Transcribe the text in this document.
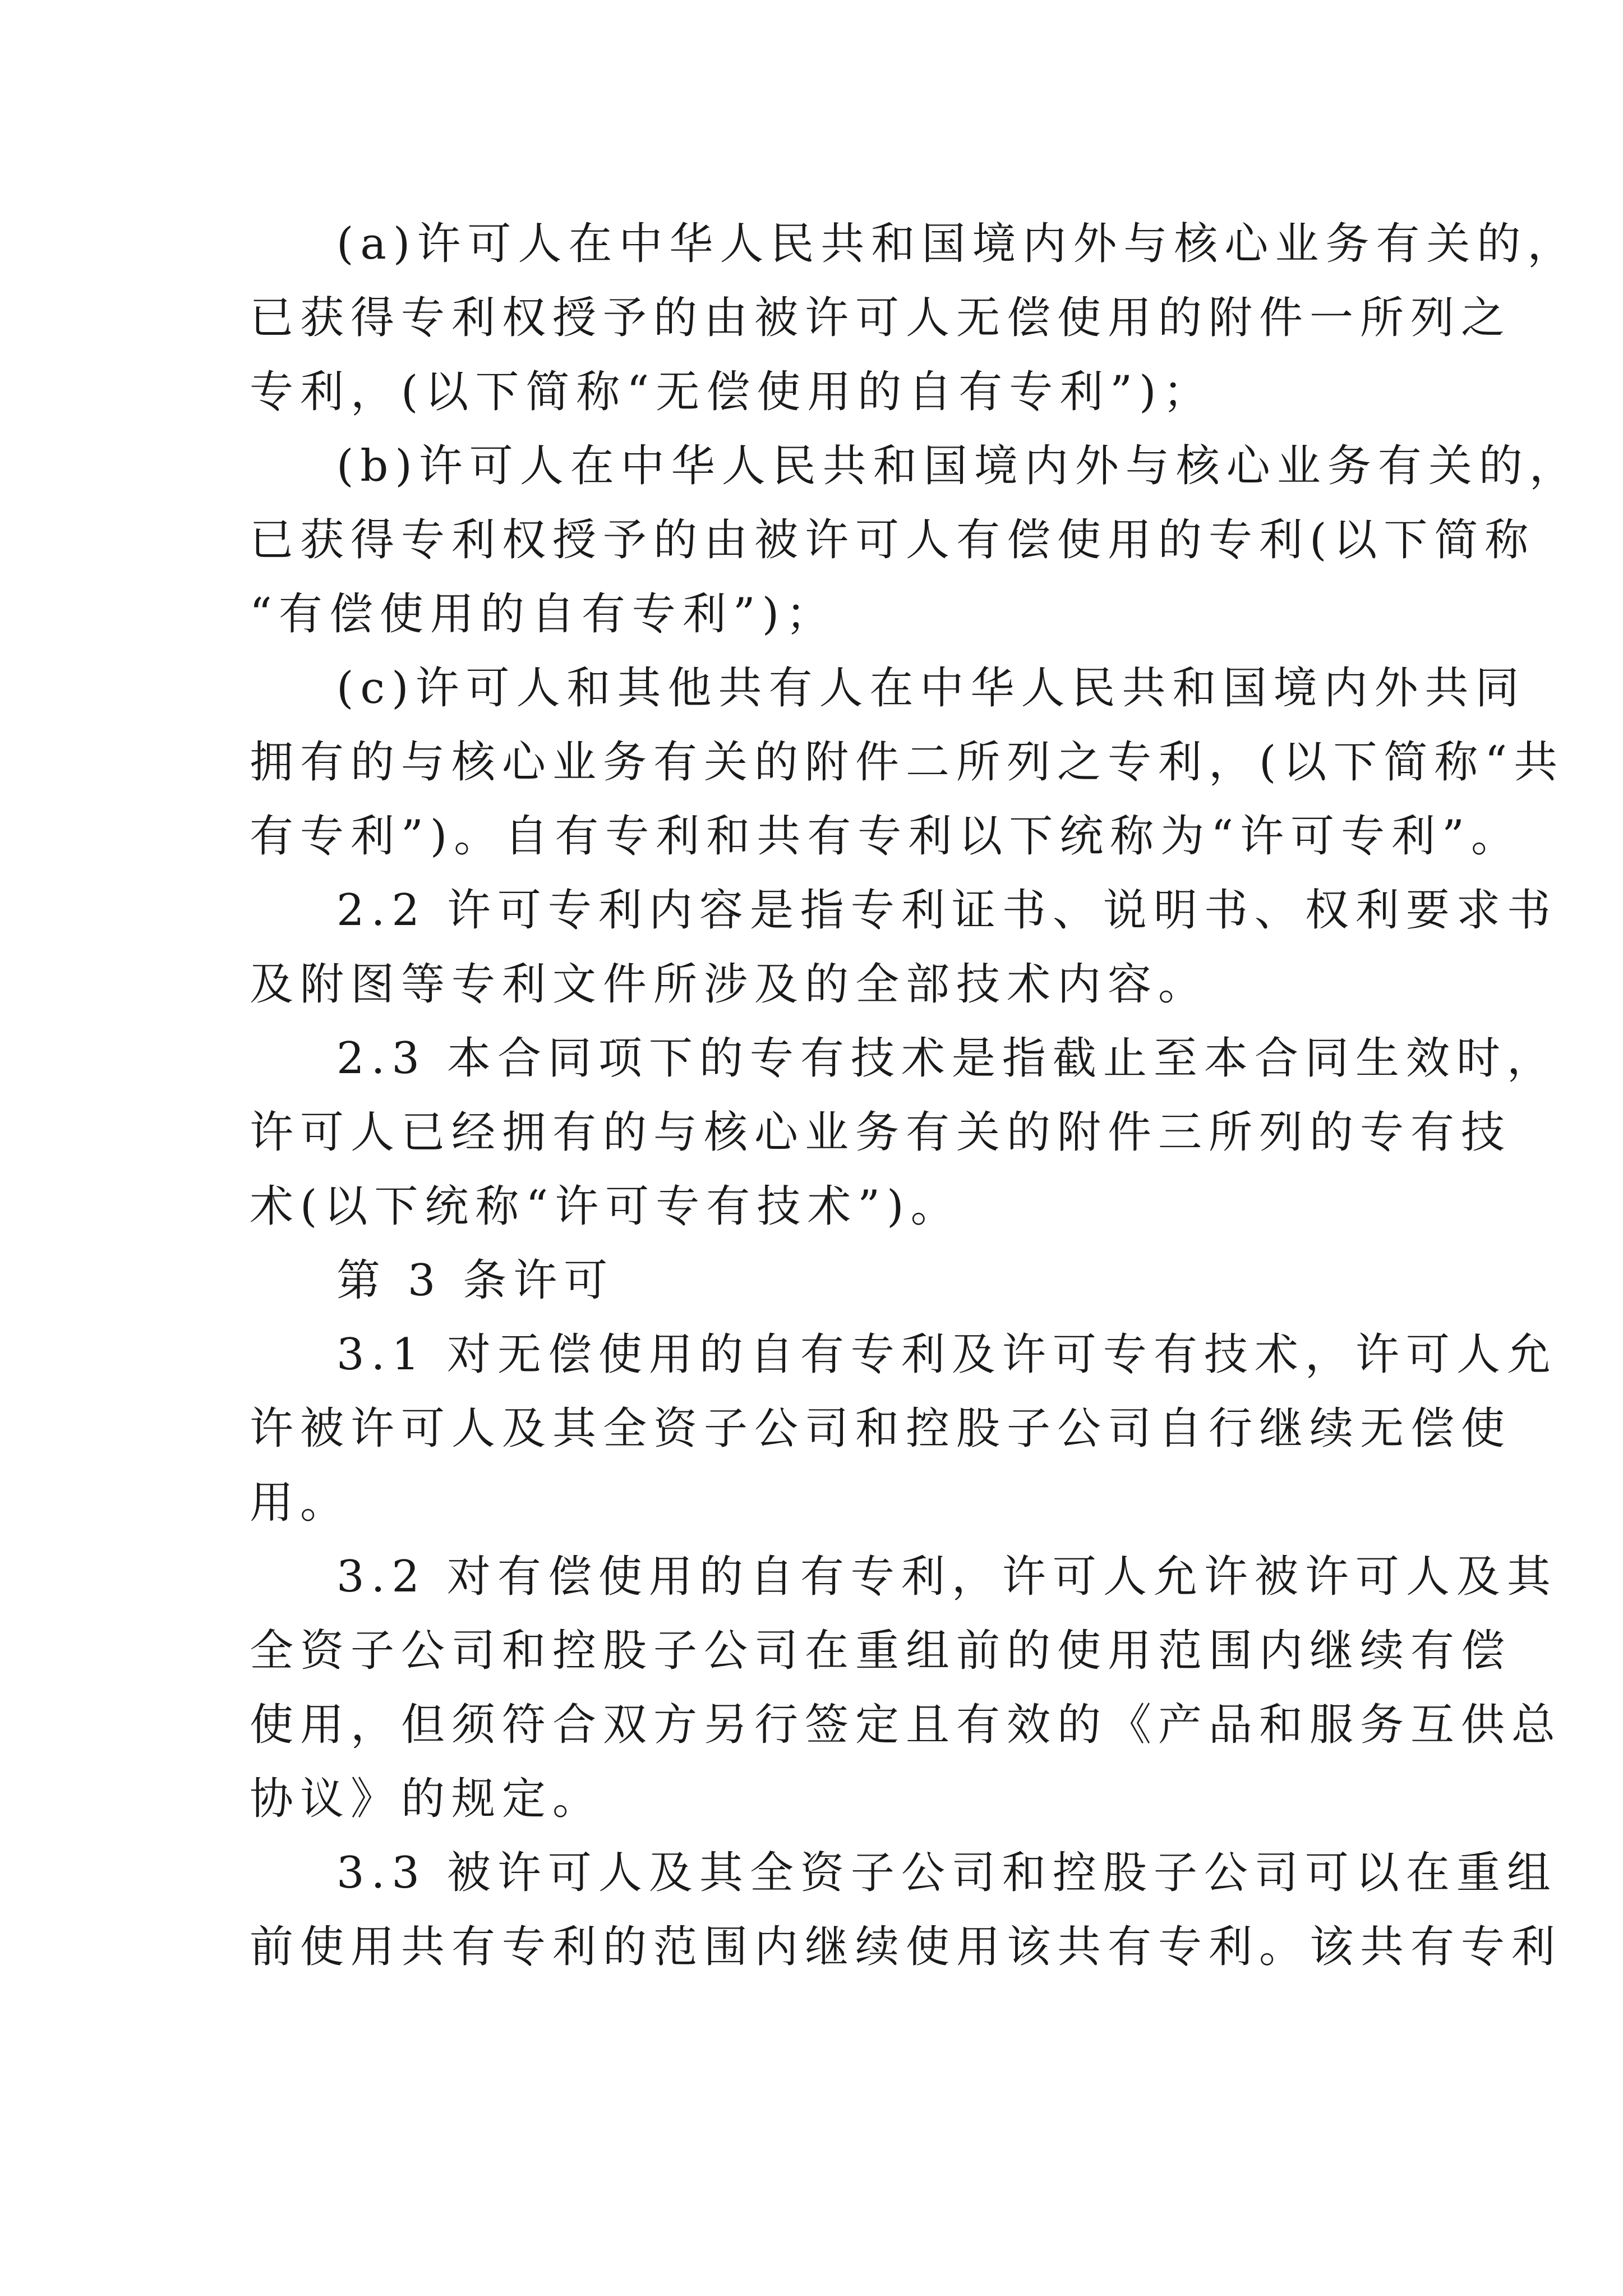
(a)许可人在中华人民共和国境内外与核心业务有关的，
已获得专利权授予的由被许可人无偿使用的附件一所列之
专利，(以下简称“无偿使用的自有专利”)；
(b)许可人在中华人民共和国境内外与核心业务有关的，
已获得专利权授予的由被许可人有偿使用的专利(以下简称
“有偿使用的自有专利”)；
(c)许可人和其他共有人在中华人民共和国境内外共同
拥有的与核心业务有关的附件二所列之专利，(以下简称“共
有专利”)。自有专利和共有专利以下统称为“许可专利”。
2.2 许可专利内容是指专利证书、说明书、权利要求书
及附图等专利文件所涉及的全部技术内容。
2.3 本合同项下的专有技术是指截止至本合同生效时，
许可人已经拥有的与核心业务有关的附件三所列的专有技
术(以下统称“许可专有技术”)。
第 3 条许可
3.1 对无偿使用的自有专利及许可专有技术，许可人允
许被许可人及其全资子公司和控股子公司自行继续无偿使
用。
3.2 对有偿使用的自有专利，许可人允许被许可人及其
全资子公司和控股子公司在重组前的使用范围内继续有偿
使用，但须符合双方另行签定且有效的《产品和服务互供总
协议》的规定。
3.3 被许可人及其全资子公司和控股子公司可以在重组
前使用共有专利的范围内继续使用该共有专利。该共有专利
